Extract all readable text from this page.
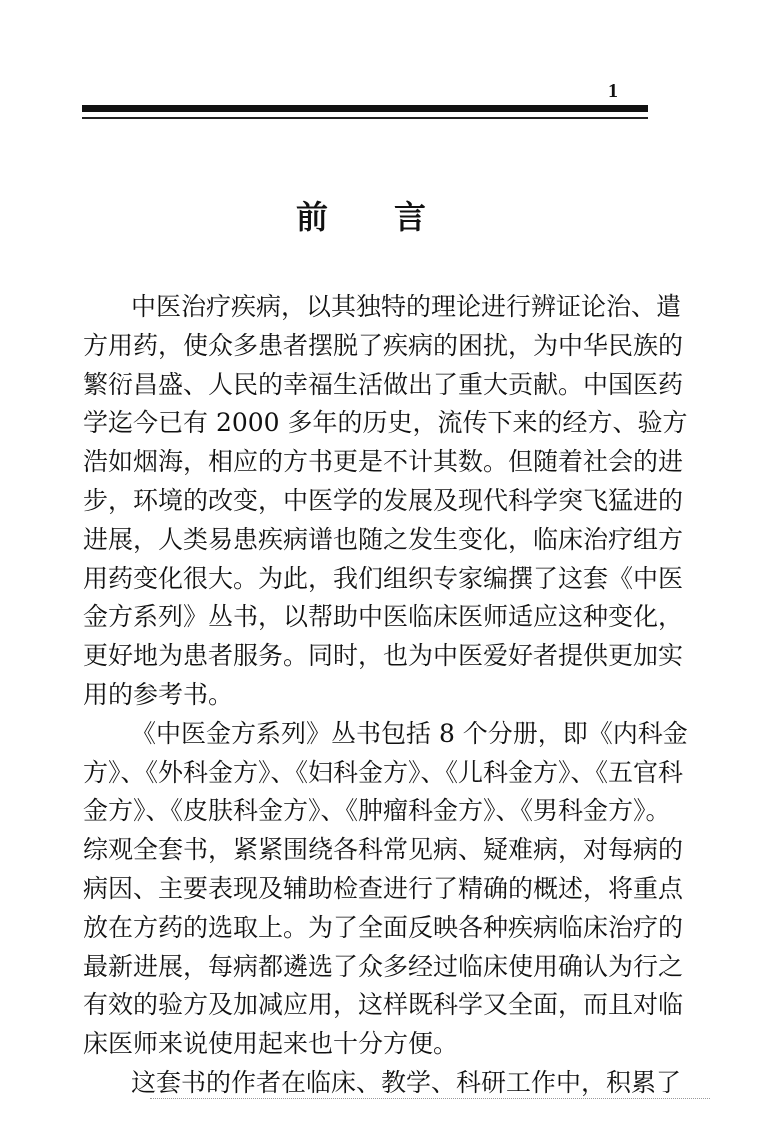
1
前 言
中医治疗疾病，以其独特的理论进行辨证论治、遣
方用药，使众多患者摆脱了疾病的困扰，为中华民族的
繁衍昌盛、人民的幸福生活做出了重大贡献。中国医药
学迄今已有 2000 多年的历史，流传下来的经方、验方
浩如烟海，相应的方书更是不计其数。但随着社会的进
步，环境的改变，中医学的发展及现代科学突飞猛进的
进展，人类易患疾病谱也随之发生变化，临床治疗组方
用药变化很大。为此，我们组织专家编撰了这套《中医
金方系列》丛书，以帮助中医临床医师适应这种变化，
更好地为患者服务。同时，也为中医爱好者提供更加实
用的参考书。
《中医金方系列》丛书包括 8 个分册，即《内科金
方》、《外科金方》、《妇科金方》、《儿科金方》、《五官科
金方》、《皮肤科金方》、《肿瘤科金方》、《男科金方》。
综观全套书，紧紧围绕各科常见病、疑难病，对每病的
病因、主要表现及辅助检查进行了精确的概述，将重点
放在方药的选取上。为了全面反映各种疾病临床治疗的
最新进展，每病都遴选了众多经过临床使用确认为行之
有效的验方及加减应用，这样既科学又全面，而且对临
床医师来说使用起来也十分方便。
这套书的作者在临床、教学、科研工作中，积累了
